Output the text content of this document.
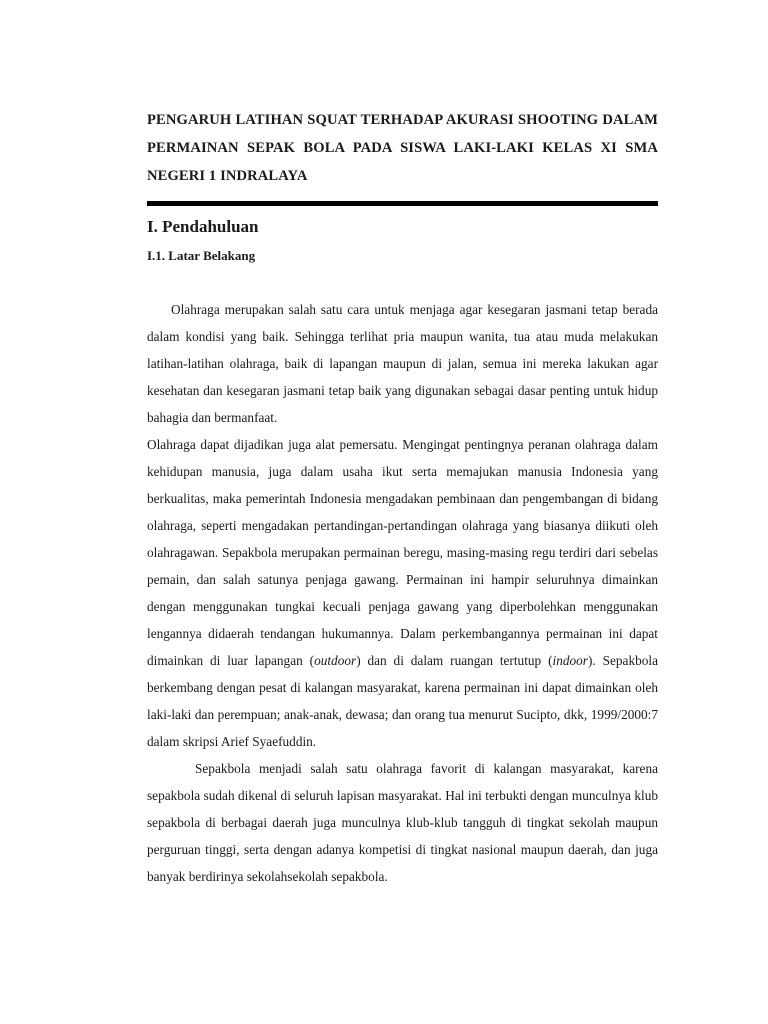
PENGARUH LATIHAN SQUAT TERHADAP AKURASI SHOOTING DALAM PERMAINAN SEPAK BOLA PADA SISWA LAKI-LAKI KELAS XI SMA NEGERI 1 INDRALAYA
I. Pendahuluan
I.1. Latar Belakang

Olahraga merupakan salah satu cara untuk menjaga agar kesegaran jasmani tetap berada dalam kondisi yang baik. Sehingga terlihat pria maupun wanita, tua atau muda melakukan latihan-latihan olahraga, baik di lapangan maupun di jalan, semua ini mereka lakukan agar kesehatan dan kesegaran jasmani tetap baik yang digunakan sebagai dasar penting untuk hidup bahagia dan bermanfaat.

Olahraga dapat dijadikan juga alat pemersatu. Mengingat pentingnya peranan olahraga dalam kehidupan manusia, juga dalam usaha ikut serta memajukan manusia Indonesia yang berkualitas, maka pemerintah Indonesia mengadakan pembinaan dan pengembangan di bidang olahraga, seperti mengadakan pertandingan-pertandingan olahraga yang biasanya diikuti oleh olahragawan. Sepakbola merupakan permainan beregu, masing-masing regu terdiri dari sebelas pemain, dan salah satunya penjaga gawang. Permainan ini hampir seluruhnya dimainkan dengan menggunakan tungkai kecuali penjaga gawang yang diperbolehkan menggunakan lengannya didaerah tendangan hukumannya. Dalam perkembangannya permainan ini dapat dimainkan di luar lapangan (outdoor) dan di dalam ruangan tertutup (indoor). Sepakbola berkembang dengan pesat di kalangan masyarakat, karena permainan ini dapat dimainkan oleh laki-laki dan perempuan; anak-anak, dewasa; dan orang tua menurut Sucipto, dkk, 1999/2000:7 dalam skripsi Arief Syaefuddin.

Sepakbola menjadi salah satu olahraga favorit di kalangan masyarakat, karena sepakbola sudah dikenal di seluruh lapisan masyarakat. Hal ini terbukti dengan munculnya klub sepakbola di berbagai daerah juga munculnya klub-klub tangguh di tingkat sekolah maupun perguruan tinggi, serta dengan adanya kompetisi di tingkat nasional maupun daerah, dan juga banyak berdirinya sekolahsekolah sepakbola.
